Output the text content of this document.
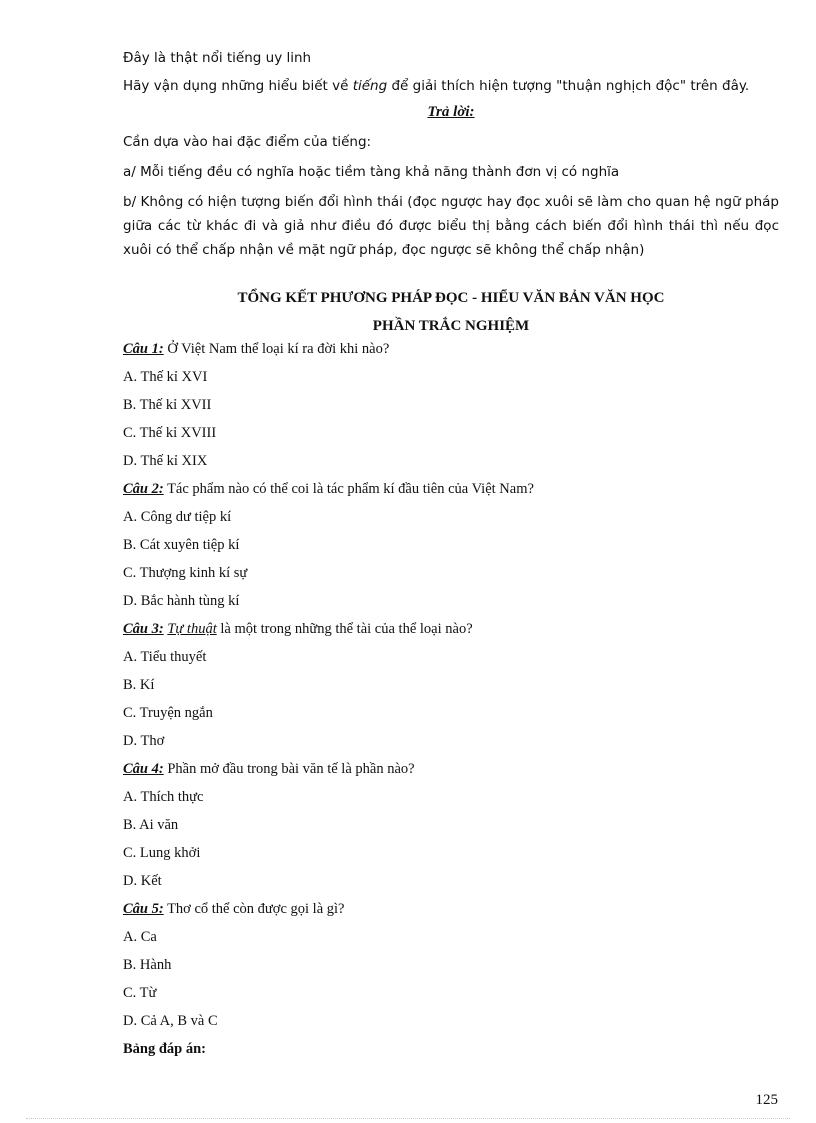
Đây là thật nổi tiếng uy linh

Hãy vận dụng những hiểu biết về tiếng để giải thích hiện tượng "thuận nghịch độc" trên đây.

Trả lời:

Cần dựa vào hai đặc điểm của tiếng:

a/ Mỗi tiếng đều có nghĩa hoặc tiềm tàng khả năng thành đơn vị có nghĩa

b/ Không có hiện tượng biến đổi hình thái (đọc ngược hay đọc xuôi sẽ làm cho quan hệ ngữ pháp giữa các từ khác đi và giả như điều đó được biểu thị bằng cách biến đổi hình thái thì nếu đọc xuôi có thể chấp nhận về mặt ngữ pháp, đọc ngược sẽ không thể chấp nhận)

TỔNG KẾT PHƯƠNG PHÁP ĐỌC - HIỂU VĂN BẢN VĂN HỌC

PHẦN TRẮC NGHIỆM

Câu 1: Ở Việt Nam thể loại kí ra đời khi nào?

A. Thế kỉ XVI

B. Thế kỉ XVII

C. Thế kỉ XVIII

D. Thế kỉ XIX

Câu 2: Tác phẩm nào có thể coi là tác phẩm kí đầu tiên của Việt Nam?

A. Công dư tiệp kí

B. Cát xuyên tiệp kí

C. Thượng kinh kí sự

D. Bắc hành tùng kí

Câu 3: Tự thuật là một trong những thể tài của thể loại nào?

A. Tiểu thuyết

B. Kí

C. Truyện ngắn

D. Thơ

Câu 4: Phần mở đầu trong bài văn tế là phần nào?

A. Thích thực

B. Ai văn

C. Lung khởi

D. Kết

Câu 5: Thơ cổ thể còn được gọi là gì?

A. Ca

B. Hành

C. Từ

D. Cả A, B và C

Bảng đáp án:

125
